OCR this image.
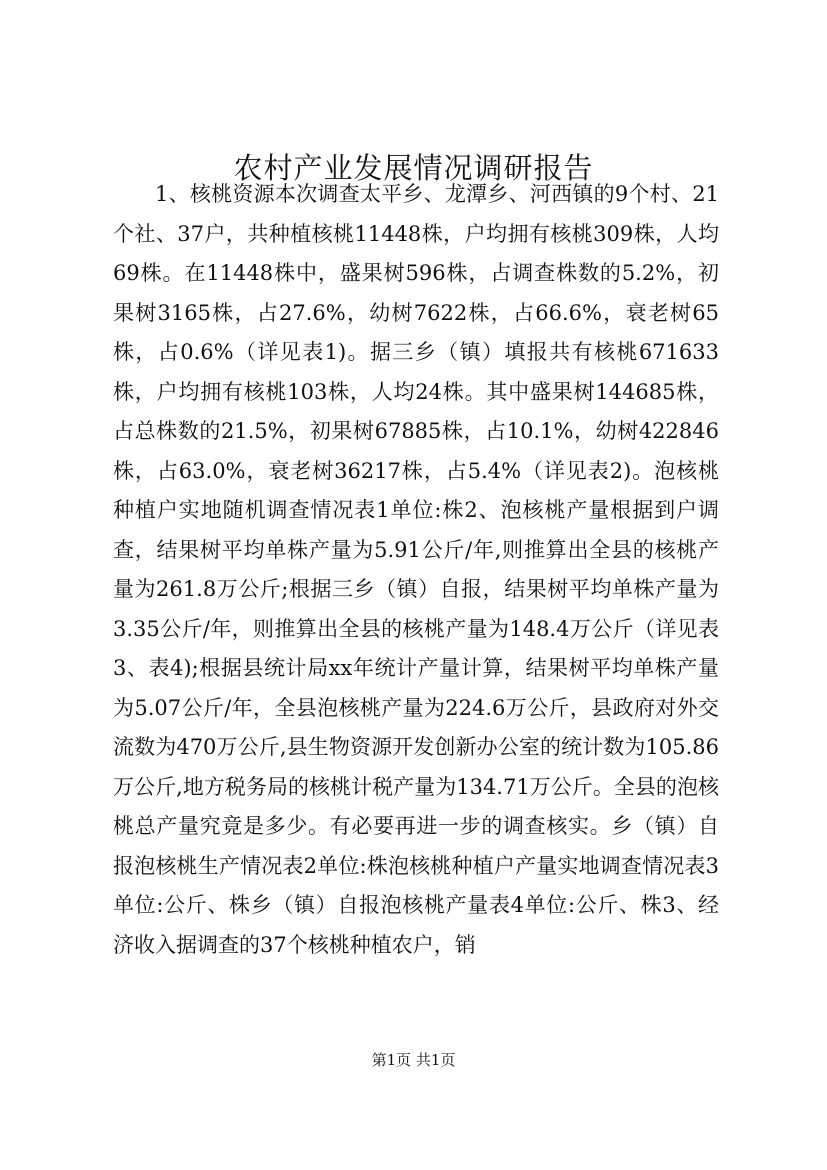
农村产业发展情况调研报告

1、核桃资源本次调查太平乡、龙潭乡、河西镇的9个村、21个社、37户，共种植核桃11448株，户均拥有核桃309株，人均69株。在11448株中，盛果树596株，占调查株数的5.2%，初果树3165株，占27.6%，幼树7622株，占66.6%，衰老树65株，占0.6%（详见表1)。据三乡（镇）填报共有核桃671633株，户均拥有核桃103株，人均24株。其中盛果树144685株，占总株数的21.5%，初果树67885株，占10.1%，幼树422846株，占63.0%，衰老树36217株，占5.4%（详见表2)。泡核桃种植户实地随机调查情况表1单位:株2、泡核桃产量根据到户调查，结果树平均单株产量为5.91公斤/年,则推算出全县的核桃产量为261.8万公斤;根据三乡（镇）自报，结果树平均单株产量为3.35公斤/年，则推算出全县的核桃产量为148.4万公斤（详见表3、表4);根据县统计局xx年统计产量计算，结果树平均单株产量为5.07公斤/年，全县泡核桃产量为224.6万公斤，县政府对外交流数为470万公斤,县生物资源开发创新办公室的统计数为105.86万公斤,地方税务局的核桃计税产量为134.71万公斤。全县的泡核桃总产量究竟是多少。有必要再进一步的调查核实。乡（镇）自报泡核桃生产情况表2单位:株泡核桃种植户产量实地调查情况表3单位:公斤、株乡（镇）自报泡核桃产量表4单位:公斤、株3、经济收入据调查的37个核桃种植农户，销

第1页 共1页
